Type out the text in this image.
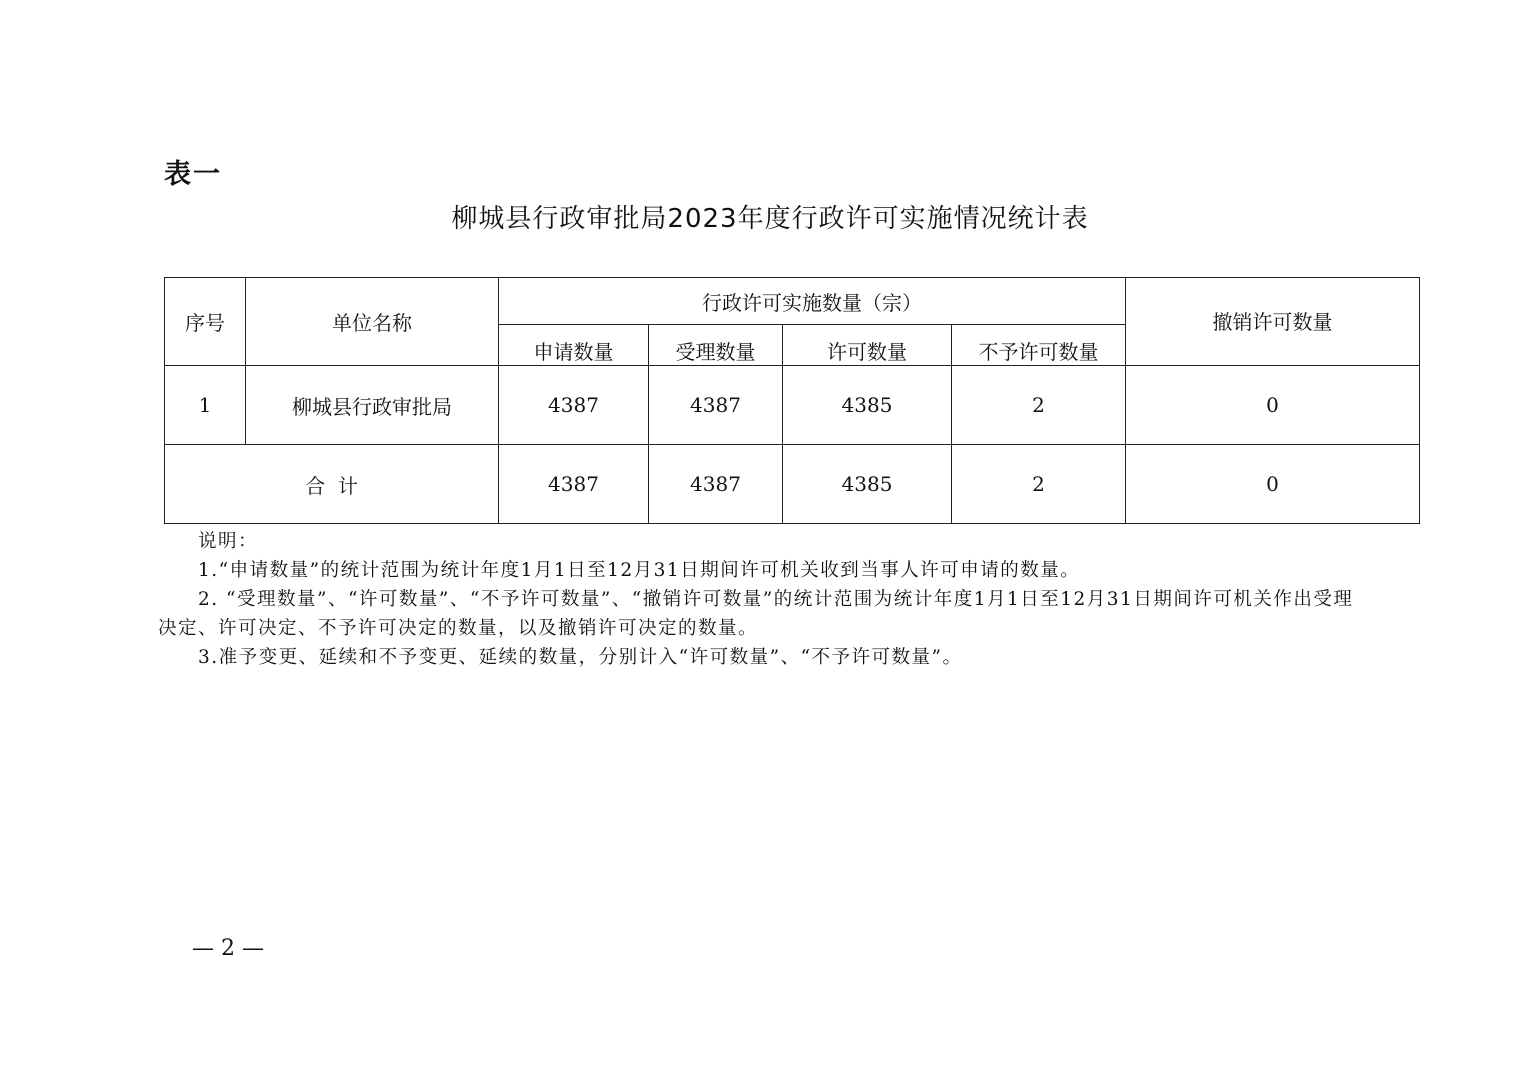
表一
柳城县行政审批局2023年度行政许可实施情况统计表
序号	单位名称	行政许可实施数量（宗）				撤销许可数量

		申请数量	受理数量	许可数量	不予许可数量	
1	柳城县行政审批局	4387	4387	4385	2	0
合  计		4387	4387	4385	2	0

说明：

1.“申请数量”的统计范围为统计年度1月1日至12月31日期间许可机关收到当事人许可申请的数量。

2. “受理数量”、“许可数量”、“不予许可数量”、“撤销许可数量”的统计范围为统计年度1月1日至12月31日期间许可机关作出受理决定、许可决定、不予许可决定的数量，以及撤销许可决定的数量。

3.准予变更、延续和不予变更、延续的数量，分别计入“许可数量”、“不予许可数量”。

— 2 —
